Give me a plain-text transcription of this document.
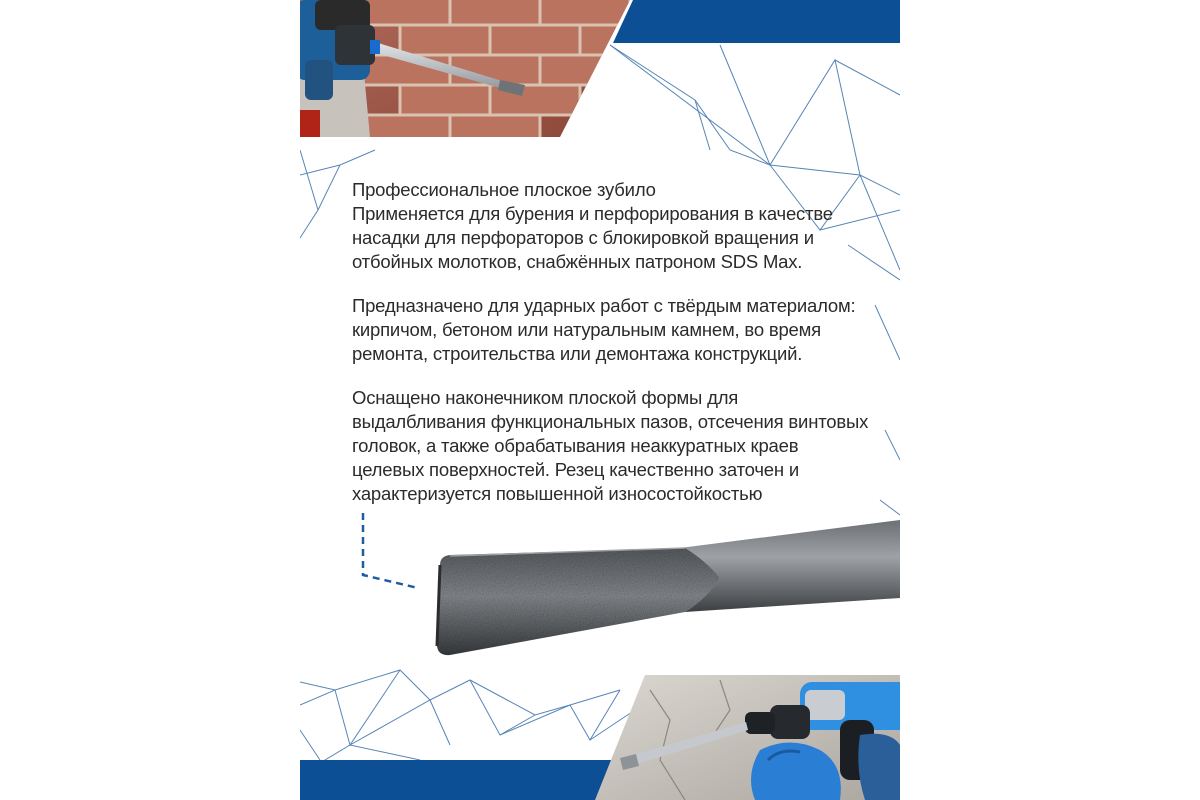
Профессиональное плоское зубило
Применяется для бурения и перфорирования в качестве насадки для перфораторов с блокировкой вращения и отбойных молотков, снабжённых патроном SDS Max.

Предназначено для ударных работ с твёрдым материалом: кирпичом, бетоном или натуральным камнем, во время ремонта, строительства или демонтажа конструкций.

Оснащено наконечником плоской формы для выдалбливания функциональных пазов, отсечения винтовых головок, а также обрабатывания неаккуратных краев целевых поверхностей. Резец качественно заточен и характеризуется повышенной износостойкостью
